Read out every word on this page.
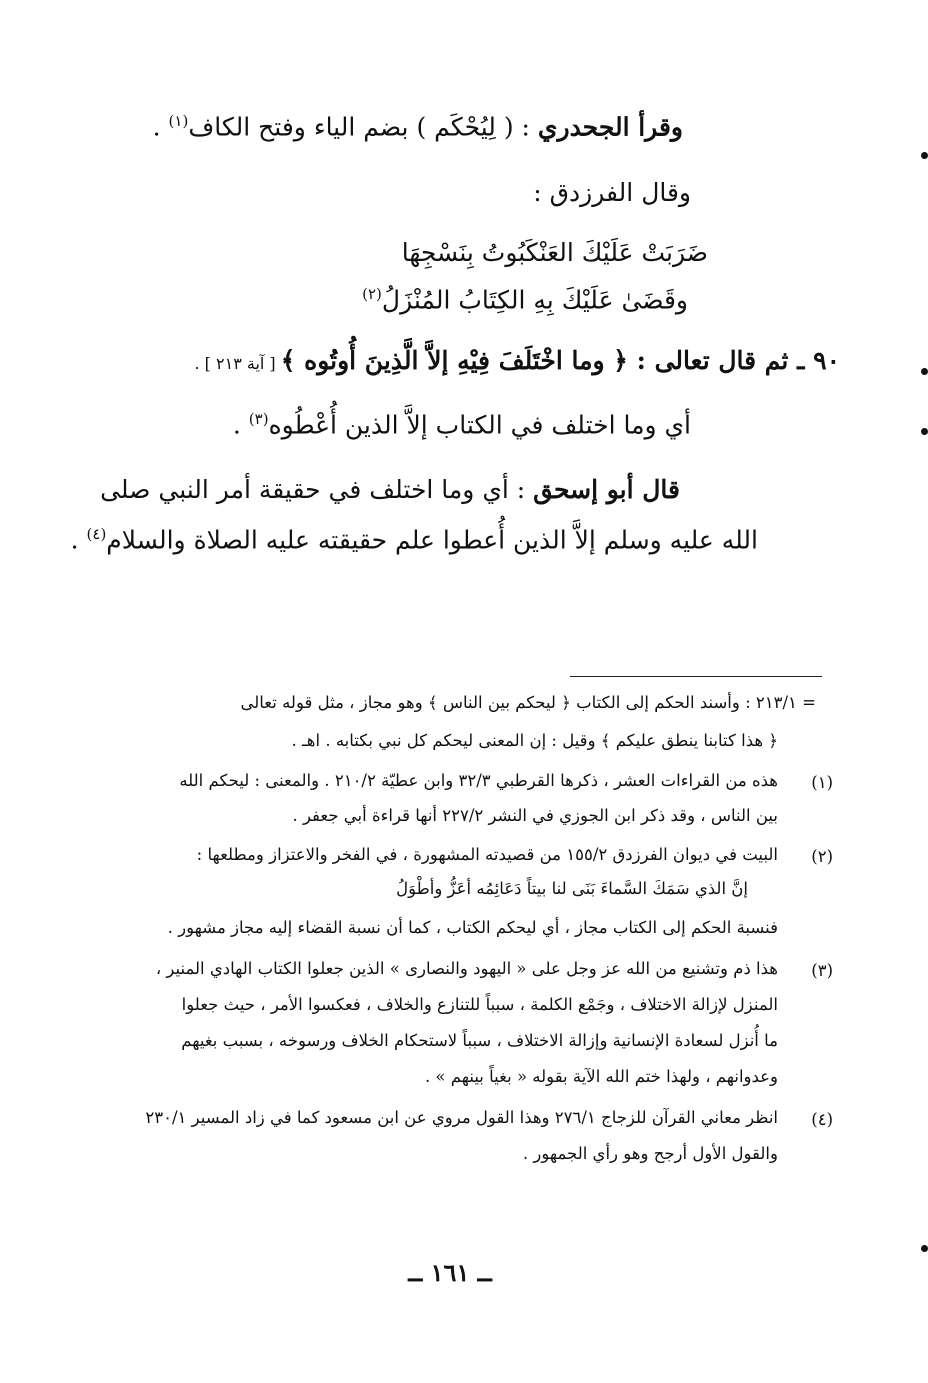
وقرأ الجحدري : ( لِيُحْكَم ) بضم الياء وفتح الكاف$^{(١)}$ .
وقال الفرزدق :
ضَرَبَتْ عَلَيْكَ العَنْكَبُوتُ بِنَسْجِهَا
وقَضَىٰ عَلَيْكَ بِهِ الكِتَابُ المُنْزَلُ$^{(٢)}$
٩٠ ـ ثم قال تعالى : ﴿ وما اخْتَلَفَ فِيْهِ إلاَّ الَّذِينَ أُوتُوه ﴾ [ آية ٢١٣ ] .
أي وما اختلف في الكتاب إلاَّ الذين أُعْطُوه$^{(٣)}$ .
قال أبو إسحق : أي وما اختلف في حقيقة أمر النبي صلى
الله عليه وسلم إلاَّ الذين أُعطوا علم حقيقته عليه الصلاة والسلام$^{(٤)}$ .
= ٢١٣/١ : وأسند الحكم إلى الكتاب ﴿ ليحكم بين الناس ﴾ وهو مجاز ، مثل قوله تعالى
﴿ هذا كتابنا ينطق عليكم ﴾ وقيل : إن المعنى ليحكم كل نبي بكتابه . اهـ .
(١)
هذه من القراءات العشر ، ذكرها القرطبي ٣٢/٣ وابن عطيّة ٢١٠/٢ . والمعنى : ليحكم الله
بين الناس ، وقد ذكر ابن الجوزي في النشر ٢٢٧/٢ أنها قراءة أبي جعفر .
(٢)
البيت في ديوان الفرزدق ١٥٥/٢ من قصيدته المشهورة ، في الفخر والاعتزاز ومطلعها :
إنَّ الذي سَمَكَ السَّماءَ بَنَى لنا بيتاً دَعَائِمُه أعَزُّ وأطْوَلُ
فنسبة الحكم إلى الكتاب مجاز ، أي ليحكم الكتاب ، كما أن نسبة القضاء إليه مجاز مشهور .
(٣)
هذا ذم وتشنيع من الله عز وجل على « اليهود والنصارى » الذين جعلوا الكتاب الهادي المنير ،
المنزل لإزالة الاختلاف ، وجَمْع الكلمة ، سبباً للتنازع والخلاف ، فعكسوا الأمر ، حيث جعلوا
ما أُنزل لسعادة الإنسانية وإزالة الاختلاف ، سبباً لاستحكام الخلاف ورسوخه ، بسبب بغيهم
وعدوانهم ، ولهذا ختم الله الآية بقوله « بغياً بينهم » .
(٤)
انظر معاني القرآن للزجاج ٢٧٦/١ وهذا القول مروي عن ابن مسعود كما في زاد المسير ٢٣٠/١
والقول الأول أرجح وهو رأي الجمهور .
ــ ١٦١ ــ
